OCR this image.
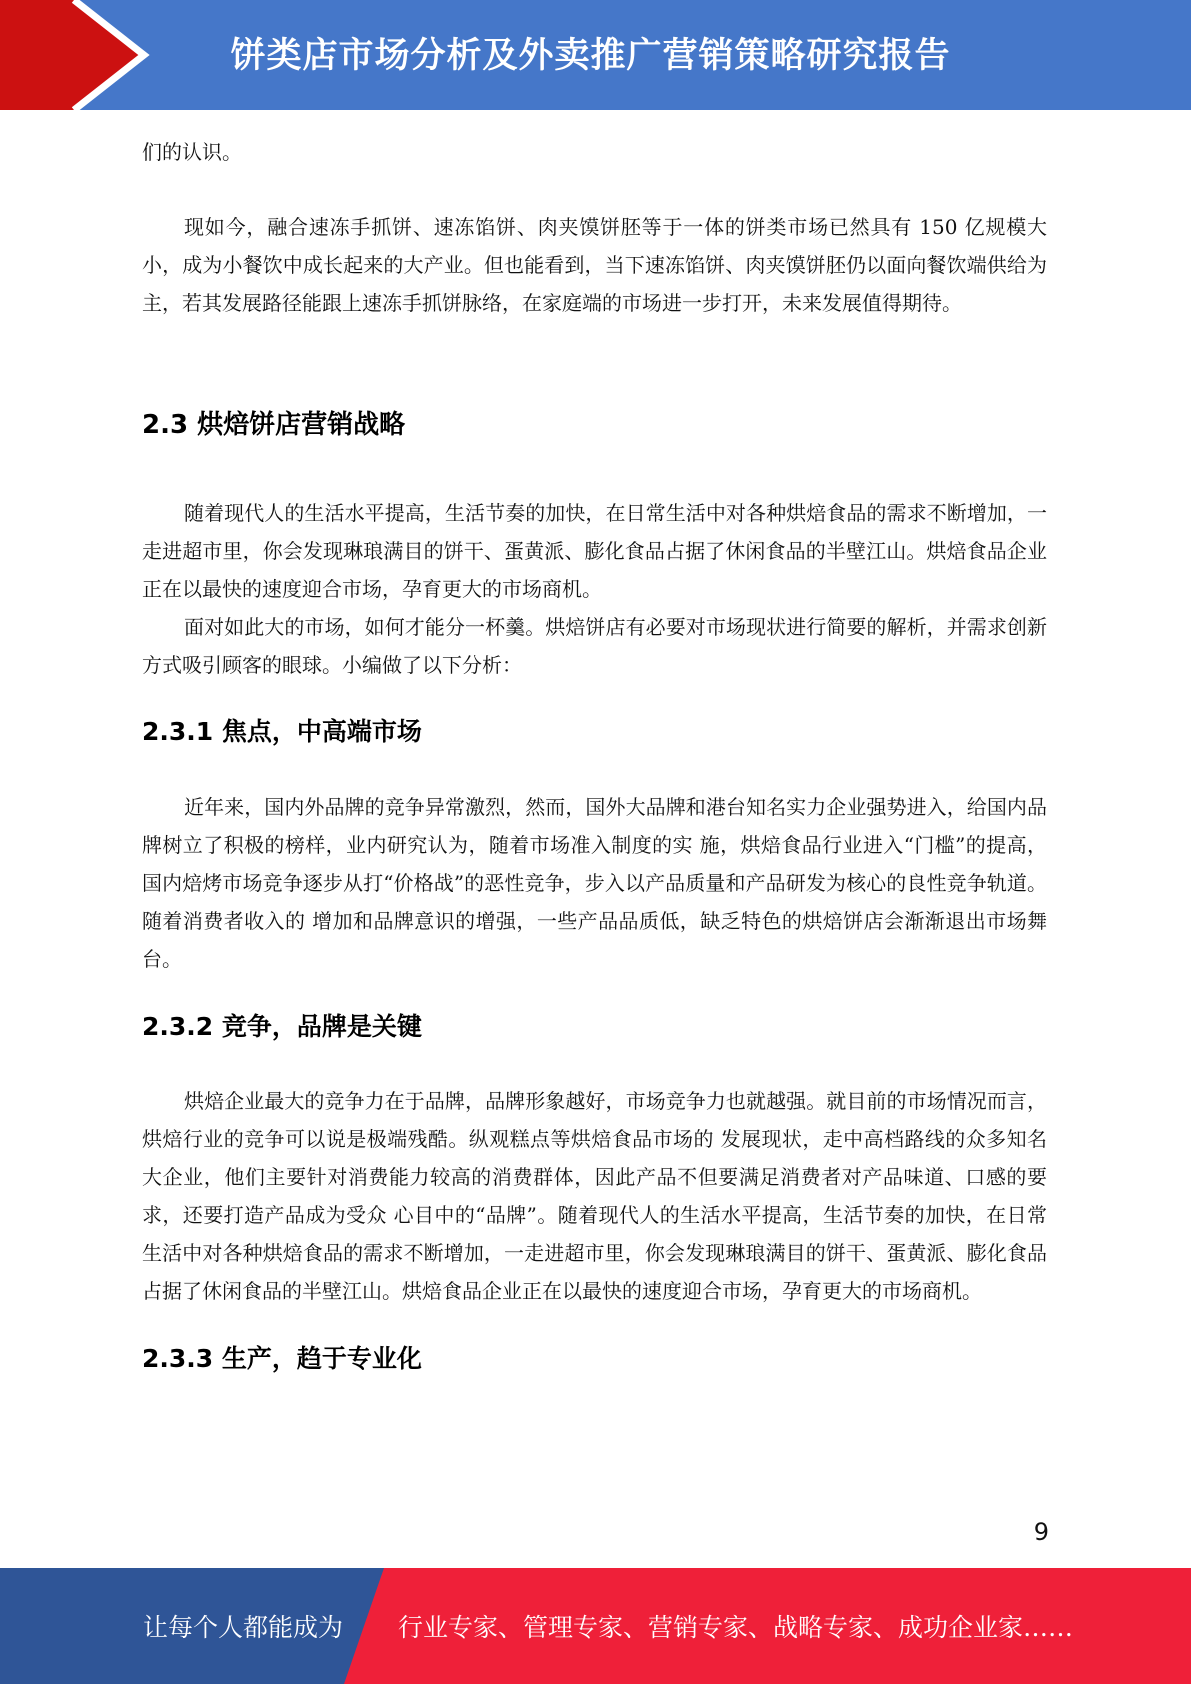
饼类店市场分析及外卖推广营销策略研究报告

们的认识。

现如今，融合速冻手抓饼、速冻馅饼、肉夹馍饼胚等于一体的饼类市场已然具有 150 亿规模大小，成为小餐饮中成长起来的大产业。但也能看到，当下速冻馅饼、肉夹馍饼胚仍以面向餐饮端供给为主，若其发展路径能跟上速冻手抓饼脉络，在家庭端的市场进一步打开，未来发展值得期待。

2.3 烘焙饼店营销战略

随着现代人的生活水平提高，生活节奏的加快，在日常生活中对各种烘焙食品的需求不断增加，一走进超市里，你会发现琳琅满目的饼干、蛋黄派、膨化食品占据了休闲食品的半壁江山。烘焙食品企业正在以最快的速度迎合市场，孕育更大的市场商机。

面对如此大的市场，如何才能分一杯羹。烘焙饼店有必要对市场现状进行简要的解析，并需求创新方式吸引顾客的眼球。小编做了以下分析：

2.3.1 焦点，中高端市场

近年来，国内外品牌的竞争异常激烈，然而，国外大品牌和港台知名实力企业强势进入，给国内品牌树立了积极的榜样，业内研究认为，随着市场准入制度的实 施，烘焙食品行业进入“门槛”的提高，国内焙烤市场竞争逐步从打“价格战”的恶性竞争，步入以产品质量和产品研发为核心的良性竞争轨道。随着消费者收入的 增加和品牌意识的增强，一些产品品质低，缺乏特色的烘焙饼店会渐渐退出市场舞台。

2.3.2 竞争，品牌是关键

烘焙企业最大的竞争力在于品牌，品牌形象越好，市场竞争力也就越强。就目前的市场情况而言，烘焙行业的竞争可以说是极端残酷。纵观糕点等烘焙食品市场的 发展现状，走中高档路线的众多知名大企业，他们主要针对消费能力较高的消费群体，因此产品不但要满足消费者对产品味道、口感的要求，还要打造产品成为受众 心目中的“品牌”。随着现代人的生活水平提高，生活节奏的加快，在日常生活中对各种烘焙食品的需求不断增加，一走进超市里，你会发现琳琅满目的饼干、蛋黄派、膨化食品占据了休闲食品的半壁江山。烘焙食品企业正在以最快的速度迎合市场，孕育更大的市场商机。

2.3.3 生产，趋于专业化
9
让每个人都能成为 行业专家、管理专家、营销专家、战略专家、成功企业家……
